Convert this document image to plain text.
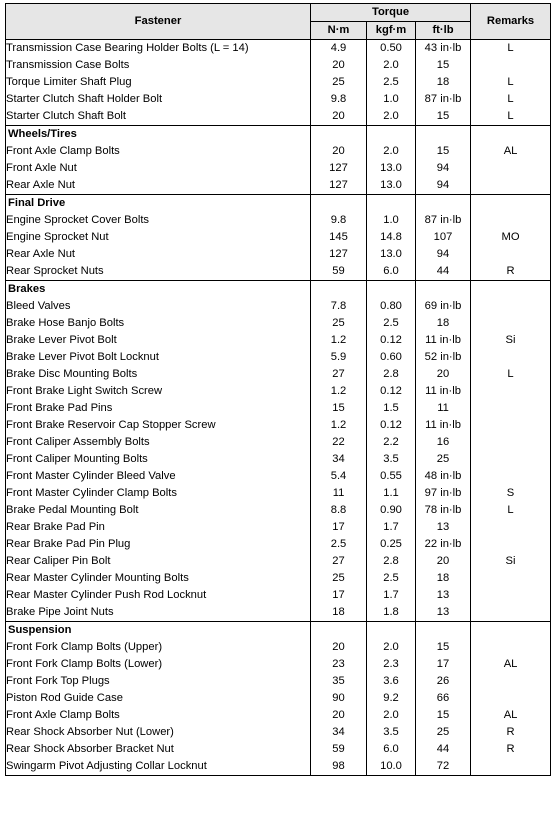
Fastener	Torque			Remarks
	N·m	kgf·m	ft·lb	
Transmission Case Bearing Holder Bolts (L = 14)	4.9	0.50	43 in·lb	L
Transmission Case Bolts	20	2.0	15	
Torque Limiter Shaft Plug	25	2.5	18	L
Starter Clutch Shaft Holder Bolt	9.8	1.0	87 in·lb	L
Starter Clutch Shaft Bolt	20	2.0	15	L
Wheels/Tires				
Front Axle Clamp Bolts	20	2.0	15	AL
Front Axle Nut	127	13.0	94	
Rear Axle Nut	127	13.0	94	
Final Drive				
Engine Sprocket Cover Bolts	9.8	1.0	87 in·lb	
Engine Sprocket Nut	145	14.8	107	MO
Rear Axle Nut	127	13.0	94	
Rear Sprocket Nuts	59	6.0	44	R
Brakes				
Bleed Valves	7.8	0.80	69 in·lb	
Brake Hose Banjo Bolts	25	2.5	18	
Brake Lever Pivot Bolt	1.2	0.12	11 in·lb	Si
Brake Lever Pivot Bolt Locknut	5.9	0.60	52 in·lb	
Brake Disc Mounting Bolts	27	2.8	20	L
Front Brake Light Switch Screw	1.2	0.12	11 in·lb	
Front Brake Pad Pins	15	1.5	11	
Front Brake Reservoir Cap Stopper Screw	1.2	0.12	11 in·lb	
Front Caliper Assembly Bolts	22	2.2	16	
Front Caliper Mounting Bolts	34	3.5	25	
Front Master Cylinder Bleed Valve	5.4	0.55	48 in·lb	
Front Master Cylinder Clamp Bolts	11	1.1	97 in·lb	S
Brake Pedal Mounting Bolt	8.8	0.90	78 in·lb	L
Rear Brake Pad Pin	17	1.7	13	
Rear Brake Pad Pin Plug	2.5	0.25	22 in·lb	
Rear Caliper Pin Bolt	27	2.8	20	Si
Rear Master Cylinder Mounting Bolts	25	2.5	18	
Rear Master Cylinder Push Rod Locknut	17	1.7	13	
Brake Pipe Joint Nuts	18	1.8	13	
Suspension				
Front Fork Clamp Bolts (Upper)	20	2.0	15	
Front Fork Clamp Bolts (Lower)	23	2.3	17	AL
Front Fork Top Plugs	35	3.6	26	
Piston Rod Guide Case	90	9.2	66	
Front Axle Clamp Bolts	20	2.0	15	AL
Rear Shock Absorber Nut (Lower)	34	3.5	25	R
Rear Shock Absorber Bracket Nut	59	6.0	44	R
Swingarm Pivot Adjusting Collar Locknut	98	10.0	72	
